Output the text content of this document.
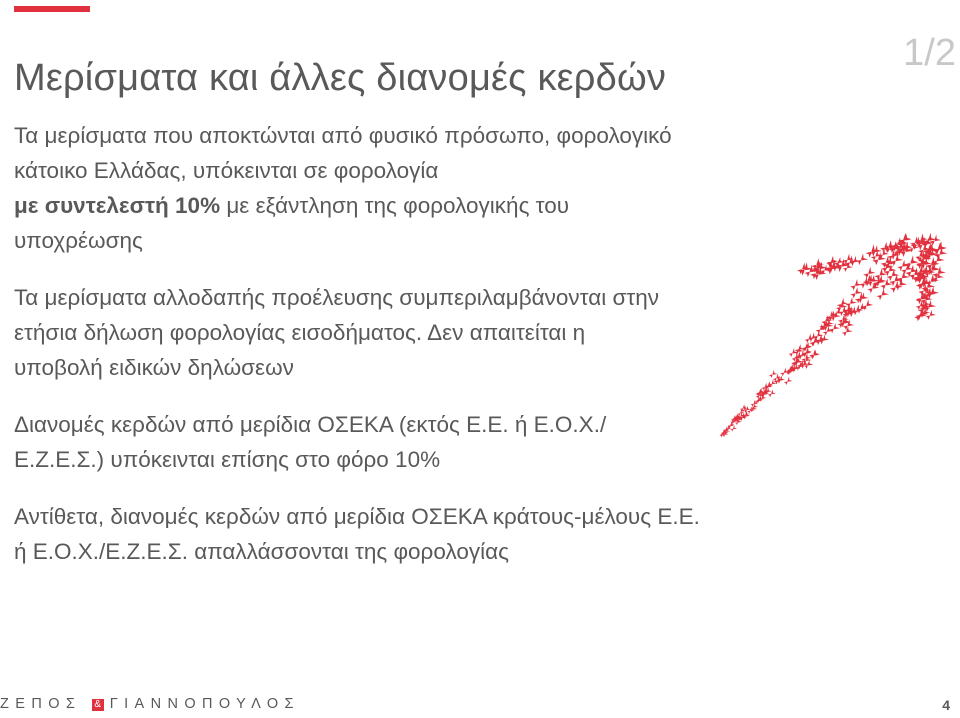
Μερίσματα και άλλες διανομές κερδών
1/2

Τα μερίσματα που αποκτώνται από φυσικό πρόσωπο, φορολογικό κάτοικο Ελλάδας, υπόκεινται σε φορολογία
με συντελεστή 10% με εξάντληση της φορολογικής του υποχρέωσης

Τα μερίσματα αλλοδαπής προέλευσης συμπεριλαμβάνονται στην ετήσια δήλωση φορολογίας εισοδήματος. Δεν απαιτείται η υποβολή ειδικών δηλώσεων

Διανομές κερδών από μερίδια ΟΣΕΚΑ (εκτός Ε.Ε. ή Ε.Ο.Χ./Ε.Ζ.Ε.Σ.) υπόκεινται επίσης στο φόρο 10%

Αντίθετα, διανομές κερδών από μερίδια ΟΣΕΚΑ κράτους-μέλους Ε.Ε. ή Ε.Ο.Χ./Ε.Ζ.Ε.Σ. απαλλάσσονται της φορολογίας

ΖΕΠΟΣ & ΓΙΑΝΝΟΠΟΥΛΟΣ	4
